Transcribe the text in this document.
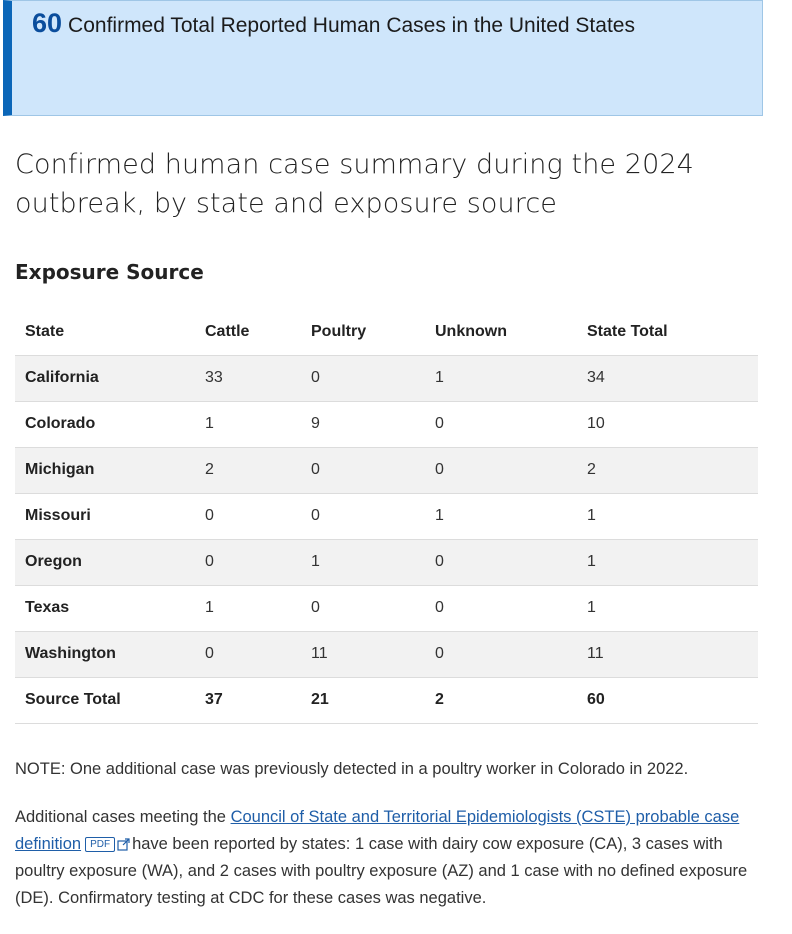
60 Confirmed Total Reported Human Cases in the United States
Confirmed human case summary during the 2024 outbreak, by state and exposure source
Exposure Source
State	Cattle	Poultry	Unknown	State Total
California	33	0	1	34
Colorado	1	9	0	10
Michigan	2	0	0	2
Missouri	0	0	1	1
Oregon	0	1	0	1
Texas	1	0	0	1
Washington	0	11	0	11
Source Total	37	21	2	60

NOTE: One additional case was previously detected in a poultry worker in Colorado in 2022.

Additional cases meeting the Council of State and Territorial Epidemiologists (CSTE) probable case definition PDF have been reported by states: 1 case with dairy cow exposure (CA), 3 cases with poultry exposure (WA), and 2 cases with poultry exposure (AZ) and 1 case with no defined exposure (DE). Confirmatory testing at CDC for these cases was negative.
